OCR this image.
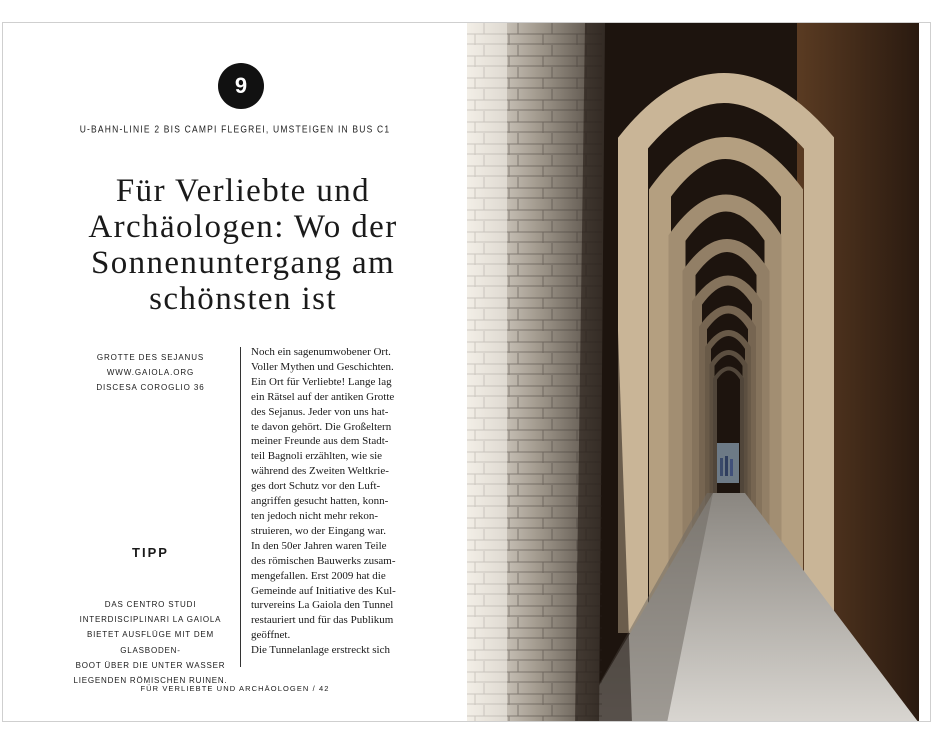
9
U-BAHN-LINIE 2 BIS CAMPI FLEGREI, UMSTEIGEN IN BUS C1
Für Verliebte und
Archäologen: Wo der
Sonnenuntergang am
schönsten ist
GROTTE DES SEJANUS
WWW.GAIOLA.ORG
DISCESA COROGLIO 36
TIPP
DAS CENTRO STUDI
INTERDISCIPLINARI LA GAIOLA
BIETET AUSFLÜGE MIT DEM GLASBODEN-
BOOT ÜBER DIE UNTER WASSER
LIEGENDEN RÖMISCHEN RUINEN.
Noch ein sagenumwobener Ort.
Voller Mythen und Geschichten.
Ein Ort für Verliebte! Lange lag
ein Rätsel auf der antiken Grotte
des Sejanus. Jeder von uns hat-
te davon gehört. Die Großeltern
meiner Freunde aus dem Stadt-
teil Bagnoli erzählten, wie sie
während des Zweiten Weltkrie-
ges dort Schutz vor den Luft-
angriffen gesucht hatten, konn-
ten jedoch nicht mehr rekon-
struieren, wo der Eingang war.
In den 50er Jahren waren Teile
des römischen Bauwerks zusam-
mengefallen. Erst 2009 hat die
Gemeinde auf Initiative des Kul-
turvereins La Gaiola den Tunnel
restauriert und für das Publikum
geöffnet.
Die Tunnelanlage erstreckt sich
FÜR VERLIEBTE UND ARCHÄOLOGEN / 42
